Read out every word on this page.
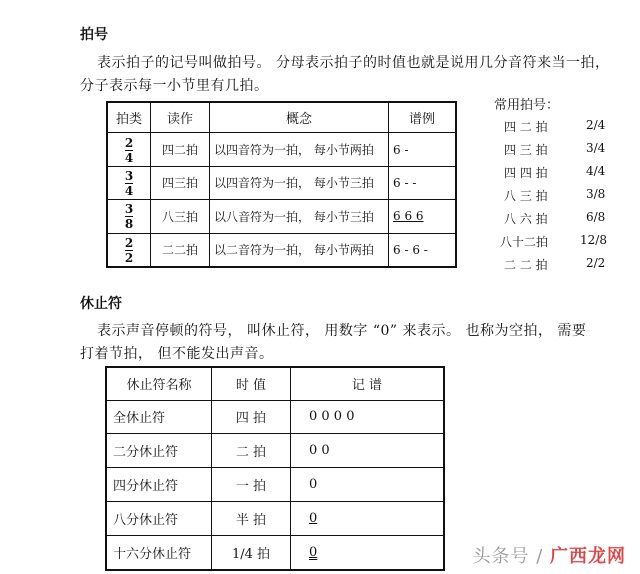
拍号
表示拍子的记号叫做拍号。 分母表示拍子的时值也就是说用几分音符来当一拍，
分子表示每一小节里有几拍。
拍类	读作	概念	谱例

$\frac{2}{4}$	四二拍	以四音符为一拍， 每小节两拍	6 -

$\frac{3}{4}$	四三拍	以四音符为一拍， 每小节三拍	6 - -

$\frac{3}{8}$	八三拍	以八音符为一拍， 每小节三拍	6 6 6

$\frac{2}{2}$	二二拍	以二音符为一拍， 每小节两拍	6 - 6 -
常用拍号：
四 二 拍	2/4
四 三 拍	3/4
四 四 拍	4/4
八 三 拍	3/8
八 六 拍	6/8
八十二拍	12/8
二 二 拍	2/2
休止符
表示声音停顿的符号， 叫休止符， 用数字 “0” 来表示。 也称为空拍， 需要
打着节拍， 但不能发出声音。
休止符名称	时 值	记 谱
全休止符	四 拍	0 0 0 0
二分休止符	二 拍	0 0
四分休止符	一 拍	0
八分休止符	半 拍	0
十六分休止符	1/4 拍	0	头条号 / 广西龙网
